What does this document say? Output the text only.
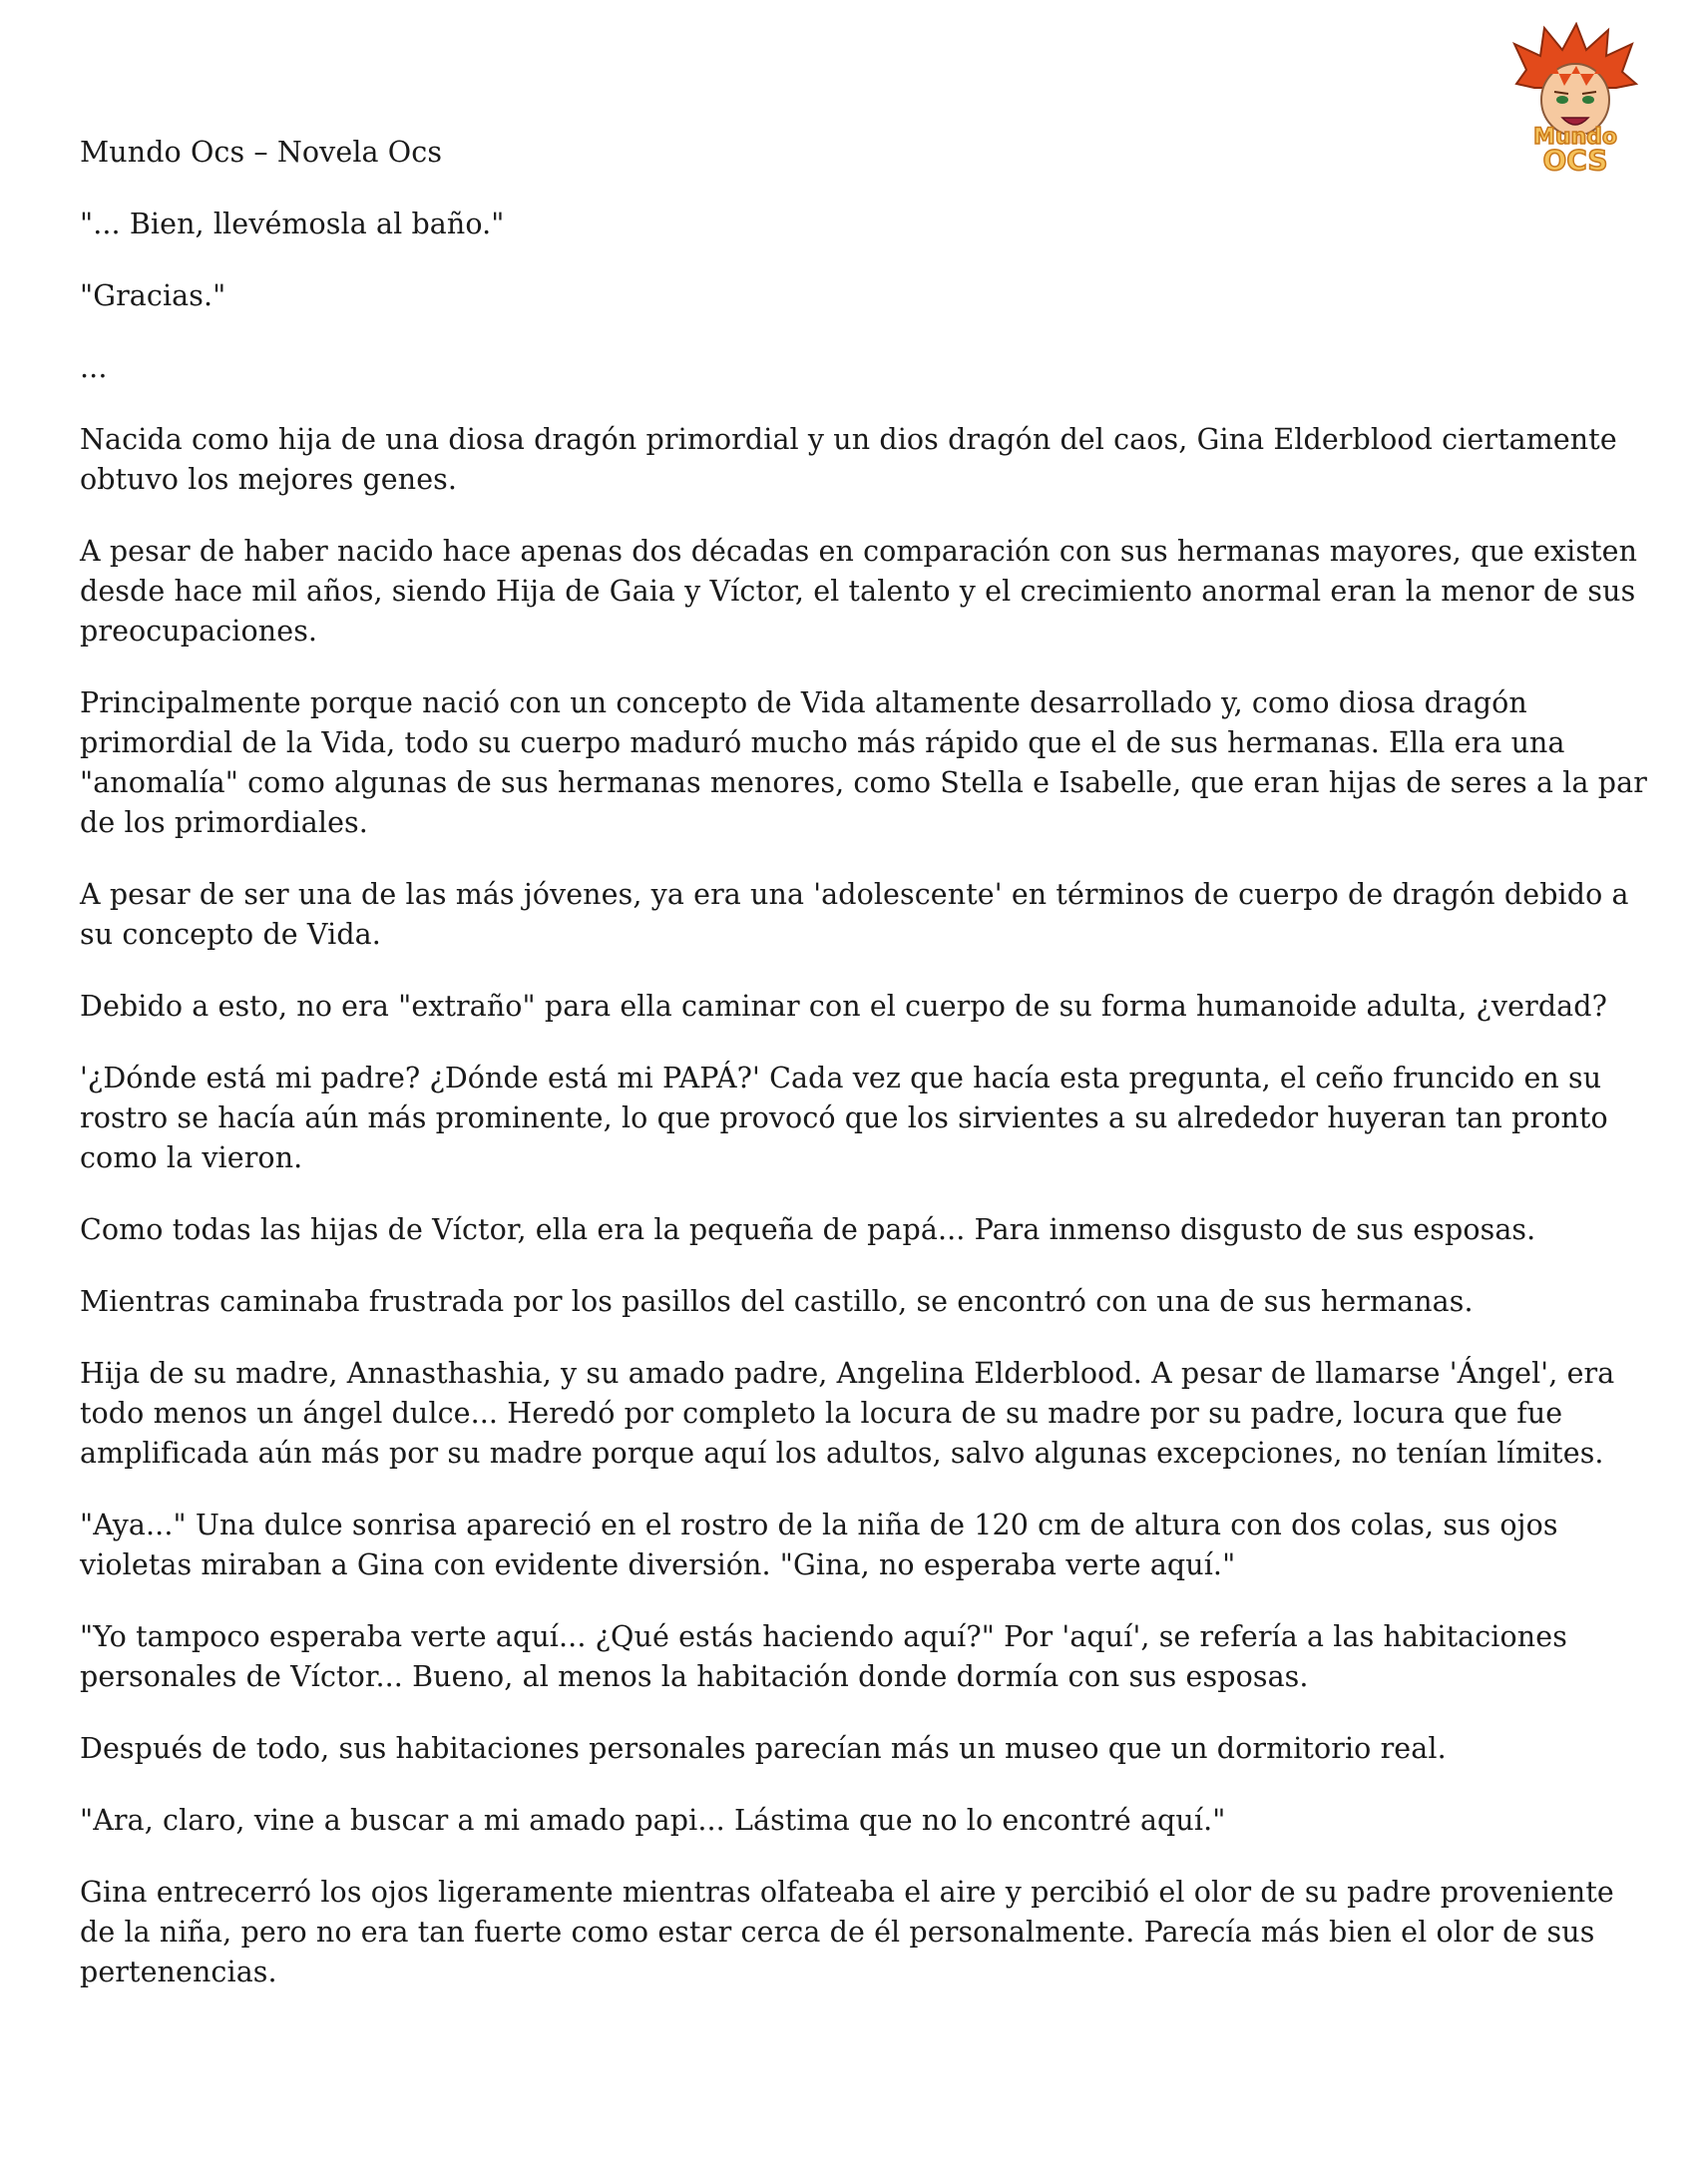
Mundo Ocs – Novela Ocs	Mundo
OCS

"... Bien, llevémosla al baño."

"Gracias."

...

Nacida como hija de una diosa dragón primordial y un dios dragón del caos, Gina Elderblood ciertamente obtuvo los mejores genes.

A pesar de haber nacido hace apenas dos décadas en comparación con sus hermanas mayores, que existen desde hace mil años, siendo Hija de Gaia y Víctor, el talento y el crecimiento anormal eran la menor de sus preocupaciones.

Principalmente porque nació con un concepto de Vida altamente desarrollado y, como diosa dragón primordial de la Vida, todo su cuerpo maduró mucho más rápido que el de sus hermanas. Ella era una "anomalía" como algunas de sus hermanas menores, como Stella e Isabelle, que eran hijas de seres a la par de los primordiales.

A pesar de ser una de las más jóvenes, ya era una 'adolescente' en términos de cuerpo de dragón debido a su concepto de Vida.

Debido a esto, no era "extraño" para ella caminar con el cuerpo de su forma humanoide adulta, ¿verdad?

'¿Dónde está mi padre? ¿Dónde está mi PAPÁ?' Cada vez que hacía esta pregunta, el ceño fruncido en su rostro se hacía aún más prominente, lo que provocó que los sirvientes a su alrededor huyeran tan pronto como la vieron.

Como todas las hijas de Víctor, ella era la pequeña de papá... Para inmenso disgusto de sus esposas.

Mientras caminaba frustrada por los pasillos del castillo, se encontró con una de sus hermanas.

Hija de su madre, Annasthashia, y su amado padre, Angelina Elderblood. A pesar de llamarse 'Ángel', era todo menos un ángel dulce... Heredó por completo la locura de su madre por su padre, locura que fue amplificada aún más por su madre porque aquí los adultos, salvo algunas excepciones, no tenían límites.

"Aya..." Una dulce sonrisa apareció en el rostro de la niña de 120 cm de altura con dos colas, sus ojos violetas miraban a Gina con evidente diversión. "Gina, no esperaba verte aquí."

"Yo tampoco esperaba verte aquí... ¿Qué estás haciendo aquí?" Por 'aquí', se refería a las habitaciones personales de Víctor... Bueno, al menos la habitación donde dormía con sus esposas.

Después de todo, sus habitaciones personales parecían más un museo que un dormitorio real.

"Ara, claro, vine a buscar a mi amado papi... Lástima que no lo encontré aquí."

Gina entrecerró los ojos ligeramente mientras olfateaba el aire y percibió el olor de su padre proveniente de la niña, pero no era tan fuerte como estar cerca de él personalmente. Parecía más bien el olor de sus pertenencias.
